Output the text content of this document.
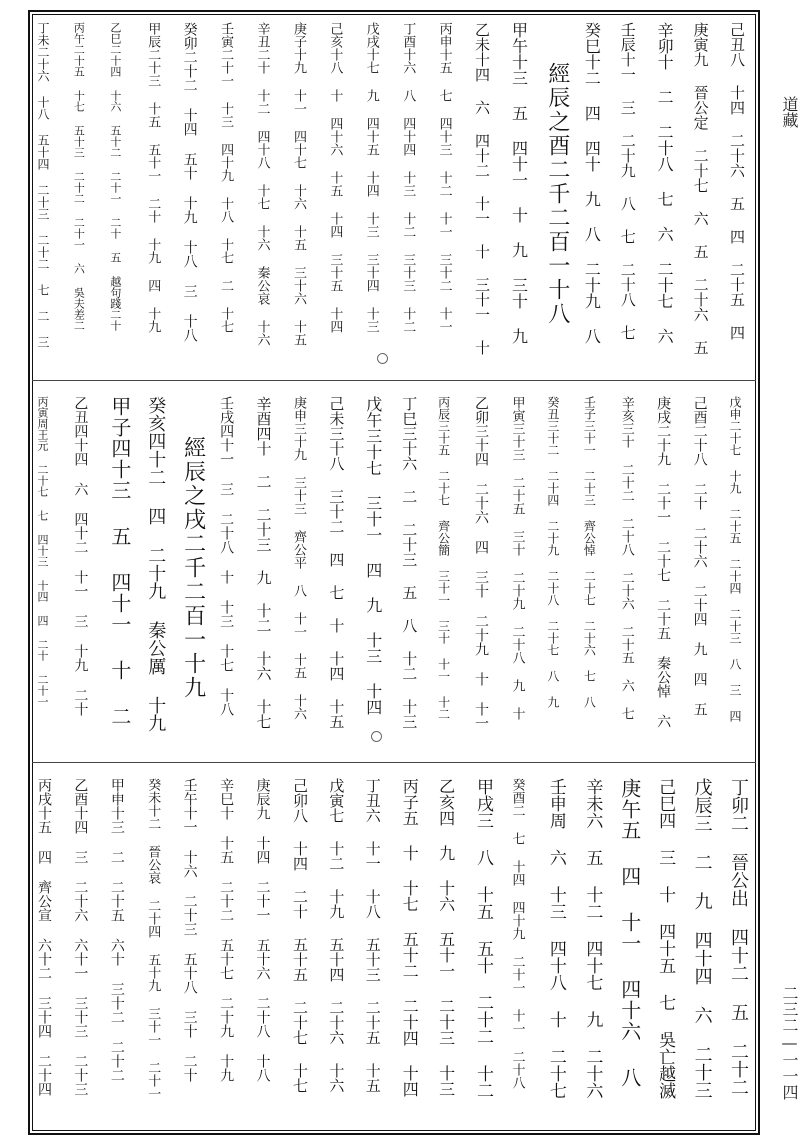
道藏
二三二—一一四
己丑八 十四 二十六 五 四 二十五 四
庚寅九 晉公定 二十七 六 五 二十六 五
辛卯十 二 二十八 七 六 二十七 六
壬辰十一 三 二十九 八 七 二十八 七
癸巳十二 四 四十 九 八 二十九 八
經辰之酉二千二百一十八
甲午十三 五 四十一 十 九 三十 九
乙未十四 六 四十二 十一 十 三十一 十
丙申十五 七 四十三 十二 十一 三十二 十一
丁酉十六 八 四十四 十三 十二 三十三 十二
戊戌十七 九 四十五 十四 十三 三十四 十三
己亥十八 十 四十六 十五 十四 三十五 十四
庚子十九 十一 四十七 十六 十五 三十六 十五
辛丑二十 十二 四十八 十七 十六 秦公哀 十六
壬寅二十一 十三 四十九 十八 十七 二 十七
癸卯二十二 十四 五十 十九 十八 三 十八
甲辰二十三 十五 五十一 二十 十九 四 十九
乙巳二十四 十六 五十二 二十一 二十 五 越句踐二十
丙午二十五 十七 五十三 二十二 二十一 六 吳夫差二
丁未二十六 十八 五十四 二十三 二十二 七 二 三
戊申二十七 十九 二十五 二十四 二十三 八 三 四
己酉二十八 二十 二十六 二十四 九 四 五
庚戌二十九 二十一 二十七 二十五 秦公悼 六
辛亥三十 二十二 二十八 二十六 二十五 六 七
壬子三十一 二十三 齊公悼 二十七 二十六 七 八
癸丑三十二 二十四 二十九 二十八 二十七 八 九
甲寅三十三 二十五 三十 二十九 二十八 九 十
乙卯三十四 二十六 四 三十 二十九 十 十一
丙辰三十五 二十七 齊公簡 三十一 三十 十一 十二
丁巳三十六 二 二十三 五 八 十二 十三
戊午三十七 三十一 四 九 十三 十四
己未三十八 三十二 四 七 十 十四 十五
庚申三十九 三十三 齊公平 八 十一 十五 十六
辛酉四十 二 二十三 九 十二 十六 十七
壬戌四十一 三 二十八 十 十三 十七 十八
經辰之戌二千二百一十九
癸亥四十二 四 二十九 秦公厲 十九
甲子四十三 五 四十一 十 二
乙丑四十四 六 四十二 十一 三 十九 二十
丙寅周王元 二十七 七 四十三 十四 四 二十 二十一
丁卯二 晉公出 四十二 五 二十二
戊辰三 二 九 四十四 六 二十三
己巳四 三 十 四十五 七 吳亡越滅
庚午五 四 十一 四十六 八
辛未六 五 十二 四十七 九 二十六
壬申周 六 十三 四十八 十 二十七
癸酉二 七 十四 四十九 二十一 十一 二十八
甲戌三 八 十五 五十 二十二 十二
乙亥四 九 十六 五十一 二十三 十三
丙子五 十 十七 五十二 二十四 十四
丁丑六 十一 十八 五十三 二十五 十五
戊寅七 十二 十九 五十四 二十六 十六
己卯八 十四 二十 五十五 二十七 十七
庚辰九 十四 二十一 五十六 二十八 十八
辛巳十 十五 二十二 五十七 二十九 十九
壬午十一 十六 二十三 五十八 三十 二十
癸未十二 晉公哀 二十四 五十九 三十一 二十一
甲申十三 二 二十五 六十 三十二 二十二
乙酉十四 三 二十六 六十一 三十三 二十三
丙戌十五 四 齊公宣 六十二 三十四 二十四
